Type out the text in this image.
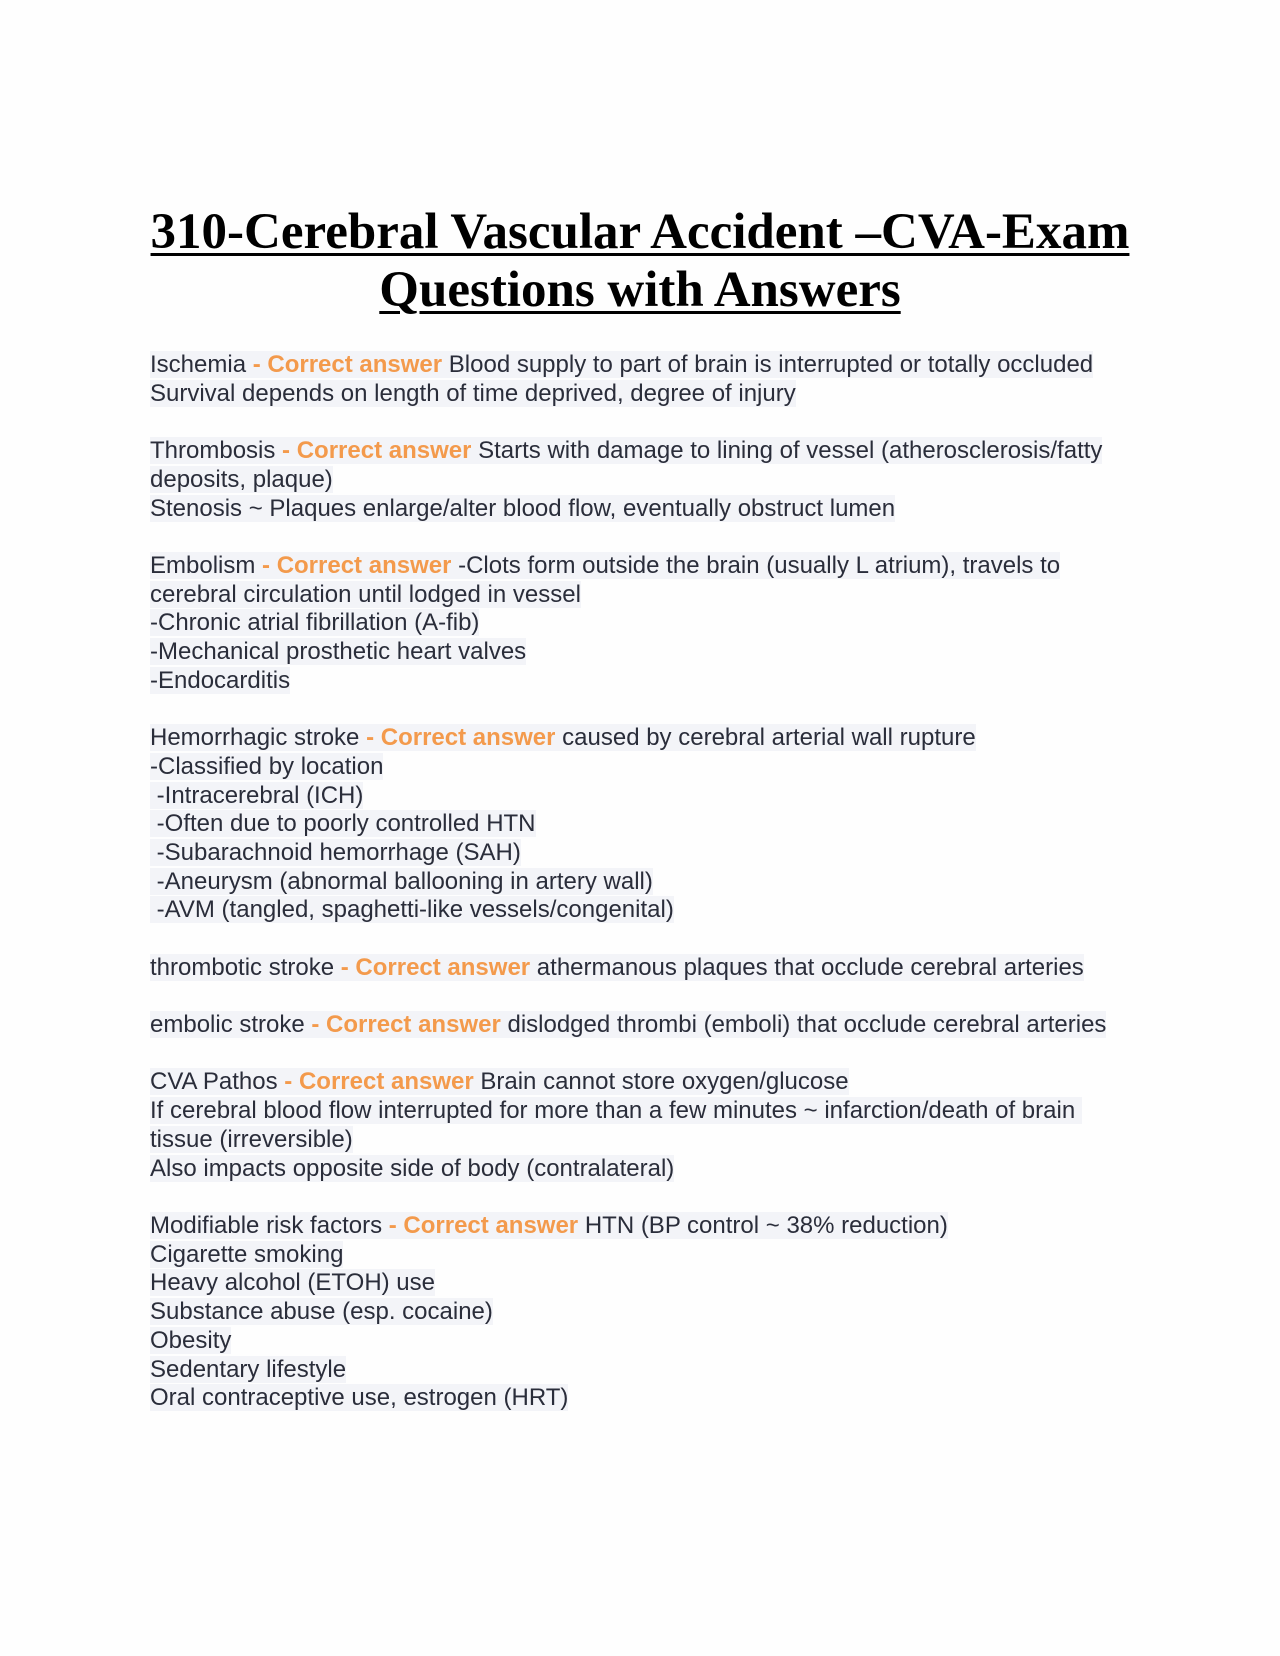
310-Cerebral Vascular Accident –CVA-Exam
Questions with Answers
Ischemia - Correct answer Blood supply to part of brain is interrupted or totally occluded
Survival depends on length of time deprived, degree of injury
Thrombosis - Correct answer Starts with damage to lining of vessel (atherosclerosis/fatty deposits, plaque)
Stenosis ~ Plaques enlarge/alter blood flow, eventually obstruct lumen
Embolism - Correct answer -Clots form outside the brain (usually L atrium), travels to cerebral circulation until lodged in vessel
-Chronic atrial fibrillation (A-fib)
-Mechanical prosthetic heart valves
-Endocarditis
Hemorrhagic stroke - Correct answer caused by cerebral arterial wall rupture
-Classified by location
-Intracerebral (ICH)
-Often due to poorly controlled HTN
-Subarachnoid hemorrhage (SAH)
-Aneurysm (abnormal ballooning in artery wall)
-AVM (tangled, spaghetti-like vessels/congenital)
thrombotic stroke - Correct answer athermanous plaques that occlude cerebral arteries
embolic stroke - Correct answer dislodged thrombi (emboli) that occlude cerebral arteries
CVA Pathos - Correct answer Brain cannot store oxygen/glucose
If cerebral blood flow interrupted for more than a few minutes ~ infarction/death of brain tissue (irreversible)
Also impacts opposite side of body (contralateral)
Modifiable risk factors - Correct answer HTN (BP control ~ 38% reduction)
Cigarette smoking
Heavy alcohol (ETOH) use
Substance abuse (esp. cocaine)
Obesity
Sedentary lifestyle
Oral contraceptive use, estrogen (HRT)
